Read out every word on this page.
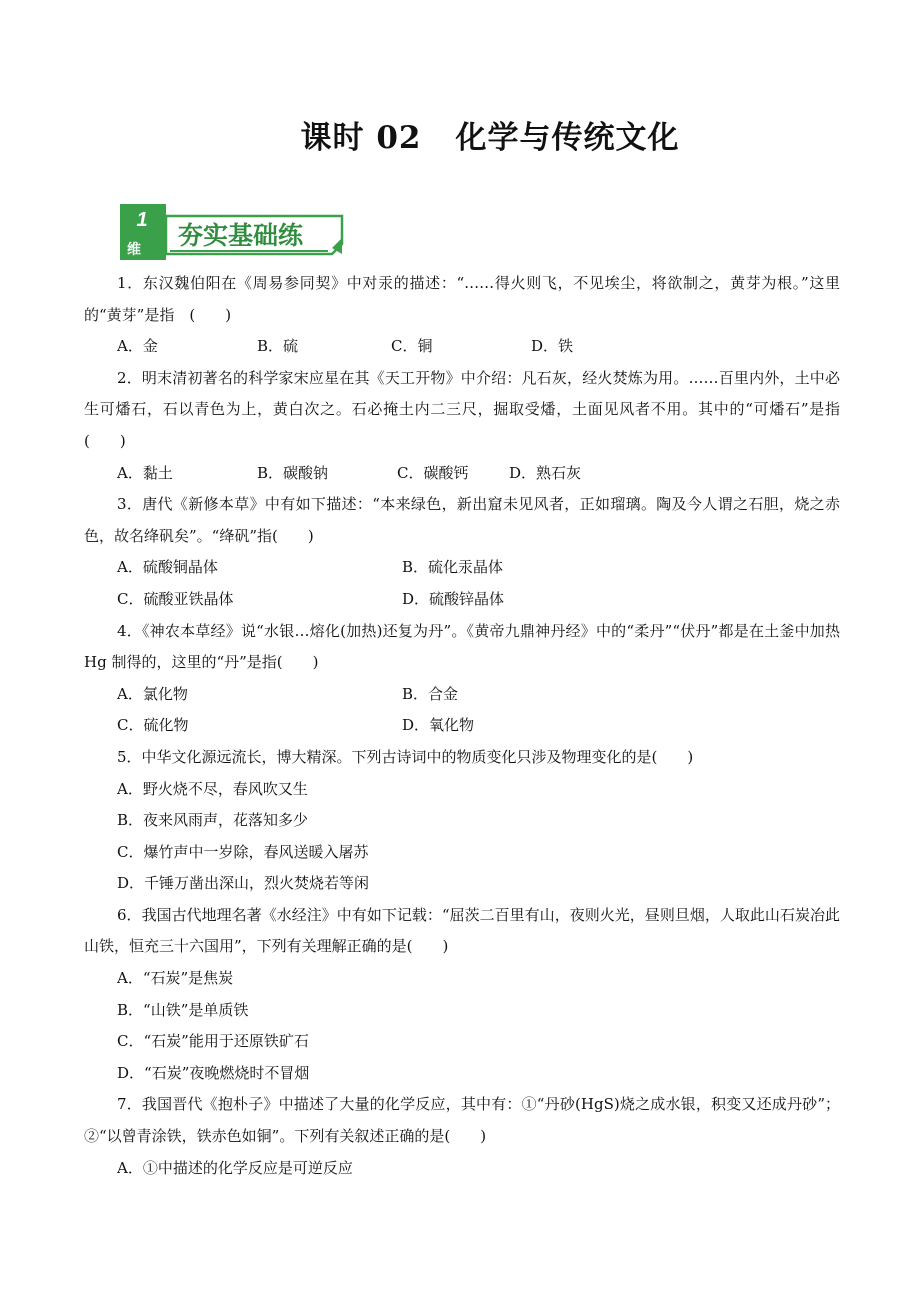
课时 02 化学与传统文化
1
维 夯实基础练

1．东汉魏伯阳在《周易参同契》中对汞的描述：“……得火则飞，不见埃尘，将欲制之，黄芽为根。”这里的“黄芽”是指　(　　)

A．金	B．硫	C．铜	D．铁

2．明末清初著名的科学家宋应星在其《天工开物》中介绍：凡石灰，经火焚炼为用。……百里内外，土中必生可燔石，石以青色为上，黄白次之。石必掩土内二三尺，掘取受燔，土面见风者不用。其中的“可燔石”是指(　　)

A．黏土	B．碳酸钠	C．碳酸钙	D．熟石灰

3．唐代《新修本草》中有如下描述：“本来绿色，新出窟未见风者，正如瑠璃。陶及今人谓之石胆，烧之赤色，故名绛矾矣”。“绛矾”指(　　)

A．硫酸铜晶体	B．硫化汞晶体
C．硫酸亚铁晶体	D．硫酸锌晶体

4．《神农本草经》说“水银…熔化(加热)还复为丹”。《黄帝九鼎神丹经》中的“柔丹”“伏丹”都是在土釜中加热 Hg 制得的，这里的“丹”是指(　　)

A．氯化物	B．合金
C．硫化物	D．氧化物

5．中华文化源远流长，博大精深。下列古诗词中的物质变化只涉及物理变化的是(　　)

A．野火烧不尽，春风吹又生

B．夜来风雨声，花落知多少

C．爆竹声中一岁除，春风送暖入屠苏

D．千锤万凿出深山，烈火焚烧若等闲

6．我国古代地理名著《水经注》中有如下记载：“屈茨二百里有山，夜则火光，昼则旦烟，人取此山石炭冶此山铁，恒充三十六国用”，下列有关理解正确的是(　　)

A．“石炭”是焦炭

B．“山铁”是单质铁

C．“石炭”能用于还原铁矿石

D．“石炭”夜晚燃烧时不冒烟

7．我国晋代《抱朴子》中描述了大量的化学反应，其中有：①“丹砂(HgS)烧之成水银，积变又还成丹砂”；②“以曾青涂铁，铁赤色如铜”。下列有关叙述正确的是(　　)

A．①中描述的化学反应是可逆反应
